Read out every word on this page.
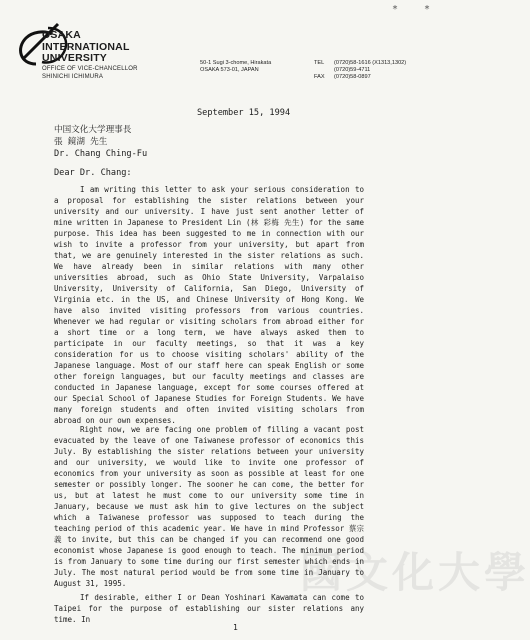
OSAKA
INTERNATIONAL
UNIVERSITY
OFFICE OF VICE-CHANCELLOR
SHINICHI ICHIMURA
50-1 Sugi 3-chome, Hirakata
OSAKA 573-01, JAPAN
TEL	(0720)58-1616 (X1313,1302)
(0720)59-4711
FAX	(0720)58-0897
* *
國文化大學
September 15, 1994
中国文化大学理事長
張 鏡湖 先生
Dr. Chang Ching-Fu
Dear Dr. Chang:
I am writing this letter to ask your serious consideration to a proposal for establishing the sister relations between your university and our university. I have just sent another letter of mine written in Japanese to President Lin (林 彩梅 先生) for the same purpose. This idea has been suggested to me in connection with our wish to invite a professor from your university, but apart from that, we are genuinely interested in the sister relations as such. We have already been in similar relations with many other universities abroad, such as Ohio State University, Varpalaiso University, University of California, San Diego, University of Virginia etc. in the US, and Chinese University of Hong Kong. We have also invited visiting professors from various countries. Whenever we had regular or visiting scholars from abroad either for a short time or a long term, we have always asked them to participate in our faculty meetings, so that it was a key consideration for us to choose visiting scholars' ability of the Japanese language. Most of our staff here can speak English or some other foreign languages, but our faculty meetings and classes are conducted in Japanese language, except for some courses offered at our Special School of Japanese Studies for Foreign Students. We have many foreign students and often invited visiting scholars from abroad on our own expenses.
Right now, we are facing one problem of filling a vacant post evacuated by the leave of one Taiwanese professor of economics this July. By establishing the sister relations between your university and our university, we would like to invite one professor of economics from your university as soon as possible at least for one semester or possibly longer. The sooner he can come, the better for us, but at latest he must come to our university some time in January, because we must ask him to give lectures on the subject which a Taiwanese professor was supposed to teach during the teaching period of this academic year. We have in mind Professor 蔡宗義 to invite, but this can be changed if you can recommend one good economist whose Japanese is good enough to teach. The minimum period is from January to some time during our first semester which ends in July. The most natural period would be from some time in January to August 31, 1995.
If desirable, either I or Dean Yoshinari Kawamata can come to Taipei for the purpose of establishing our sister relations any time. In
1
